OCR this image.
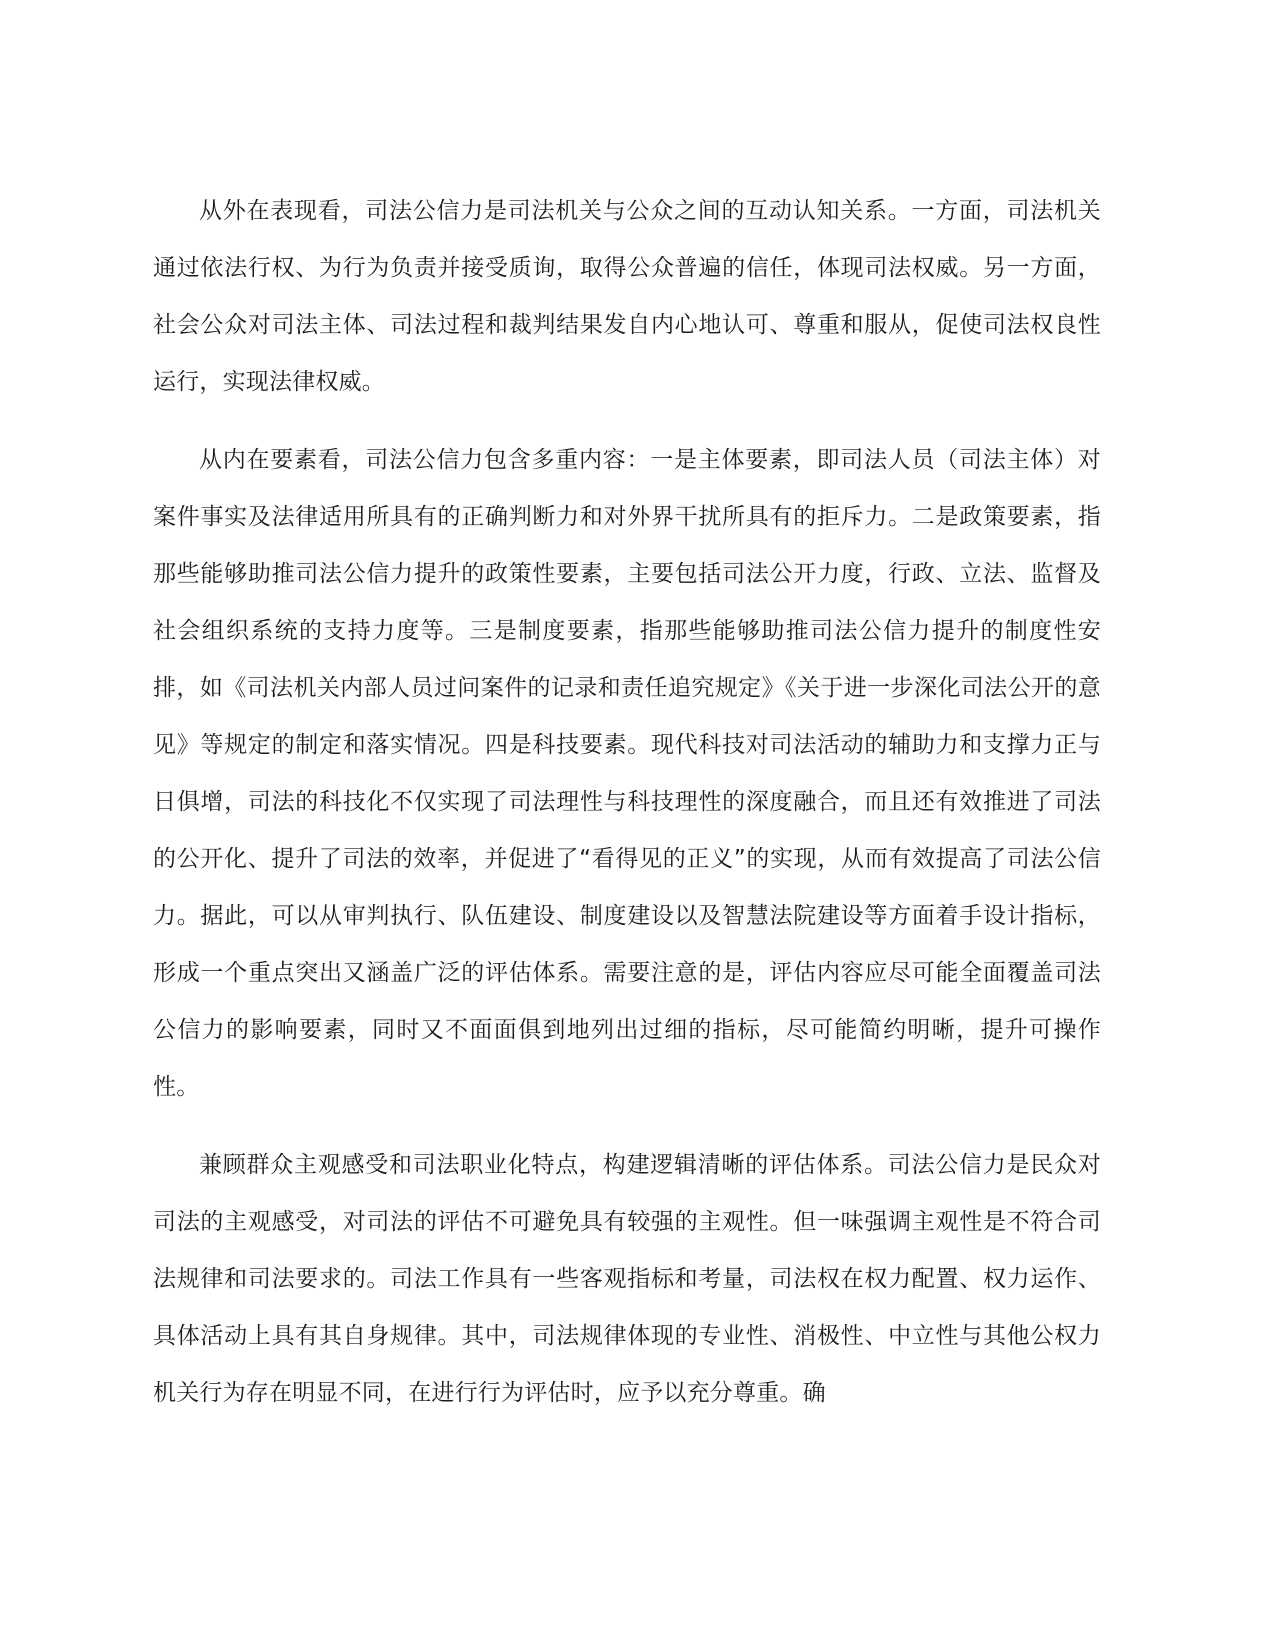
从外在表现看，司法公信力是司法机关与公众之间的互动认知关系。一方面，司法机关通过依法行权、为行为负责并接受质询，取得公众普遍的信任，体现司法权威。另一方面，社会公众对司法主体、司法过程和裁判结果发自内心地认可、尊重和服从，促使司法权良性运行，实现法律权威。

从内在要素看，司法公信力包含多重内容：一是主体要素，即司法人员（司法主体）对案件事实及法律适用所具有的正确判断力和对外界干扰所具有的拒斥力。二是政策要素，指那些能够助推司法公信力提升的政策性要素，主要包括司法公开力度，行政、立法、监督及社会组织系统的支持力度等。三是制度要素，指那些能够助推司法公信力提升的制度性安排，如《司法机关内部人员过问案件的记录和责任追究规定》《关于进一步深化司法公开的意见》等规定的制定和落实情况。四是科技要素。现代科技对司法活动的辅助力和支撑力正与日俱增，司法的科技化不仅实现了司法理性与科技理性的深度融合，而且还有效推进了司法的公开化、提升了司法的效率，并促进了“看得见的正义”的实现，从而有效提高了司法公信力。据此，可以从审判执行、队伍建设、制度建设以及智慧法院建设等方面着手设计指标，形成一个重点突出又涵盖广泛的评估体系。需要注意的是，评估内容应尽可能全面覆盖司法公信力的影响要素，同时又不面面俱到地列出过细的指标，尽可能简约明晰，提升可操作性。

兼顾群众主观感受和司法职业化特点，构建逻辑清晰的评估体系。司法公信力是民众对司法的主观感受，对司法的评估不可避免具有较强的主观性。但一味强调主观性是不符合司法规律和司法要求的。司法工作具有一些客观指标和考量，司法权在权力配置、权力运作、具体活动上具有其自身规律。其中，司法规律体现的专业性、消极性、中立性与其他公权力机关行为存在明显不同，在进行行为评估时，应予以充分尊重。确
